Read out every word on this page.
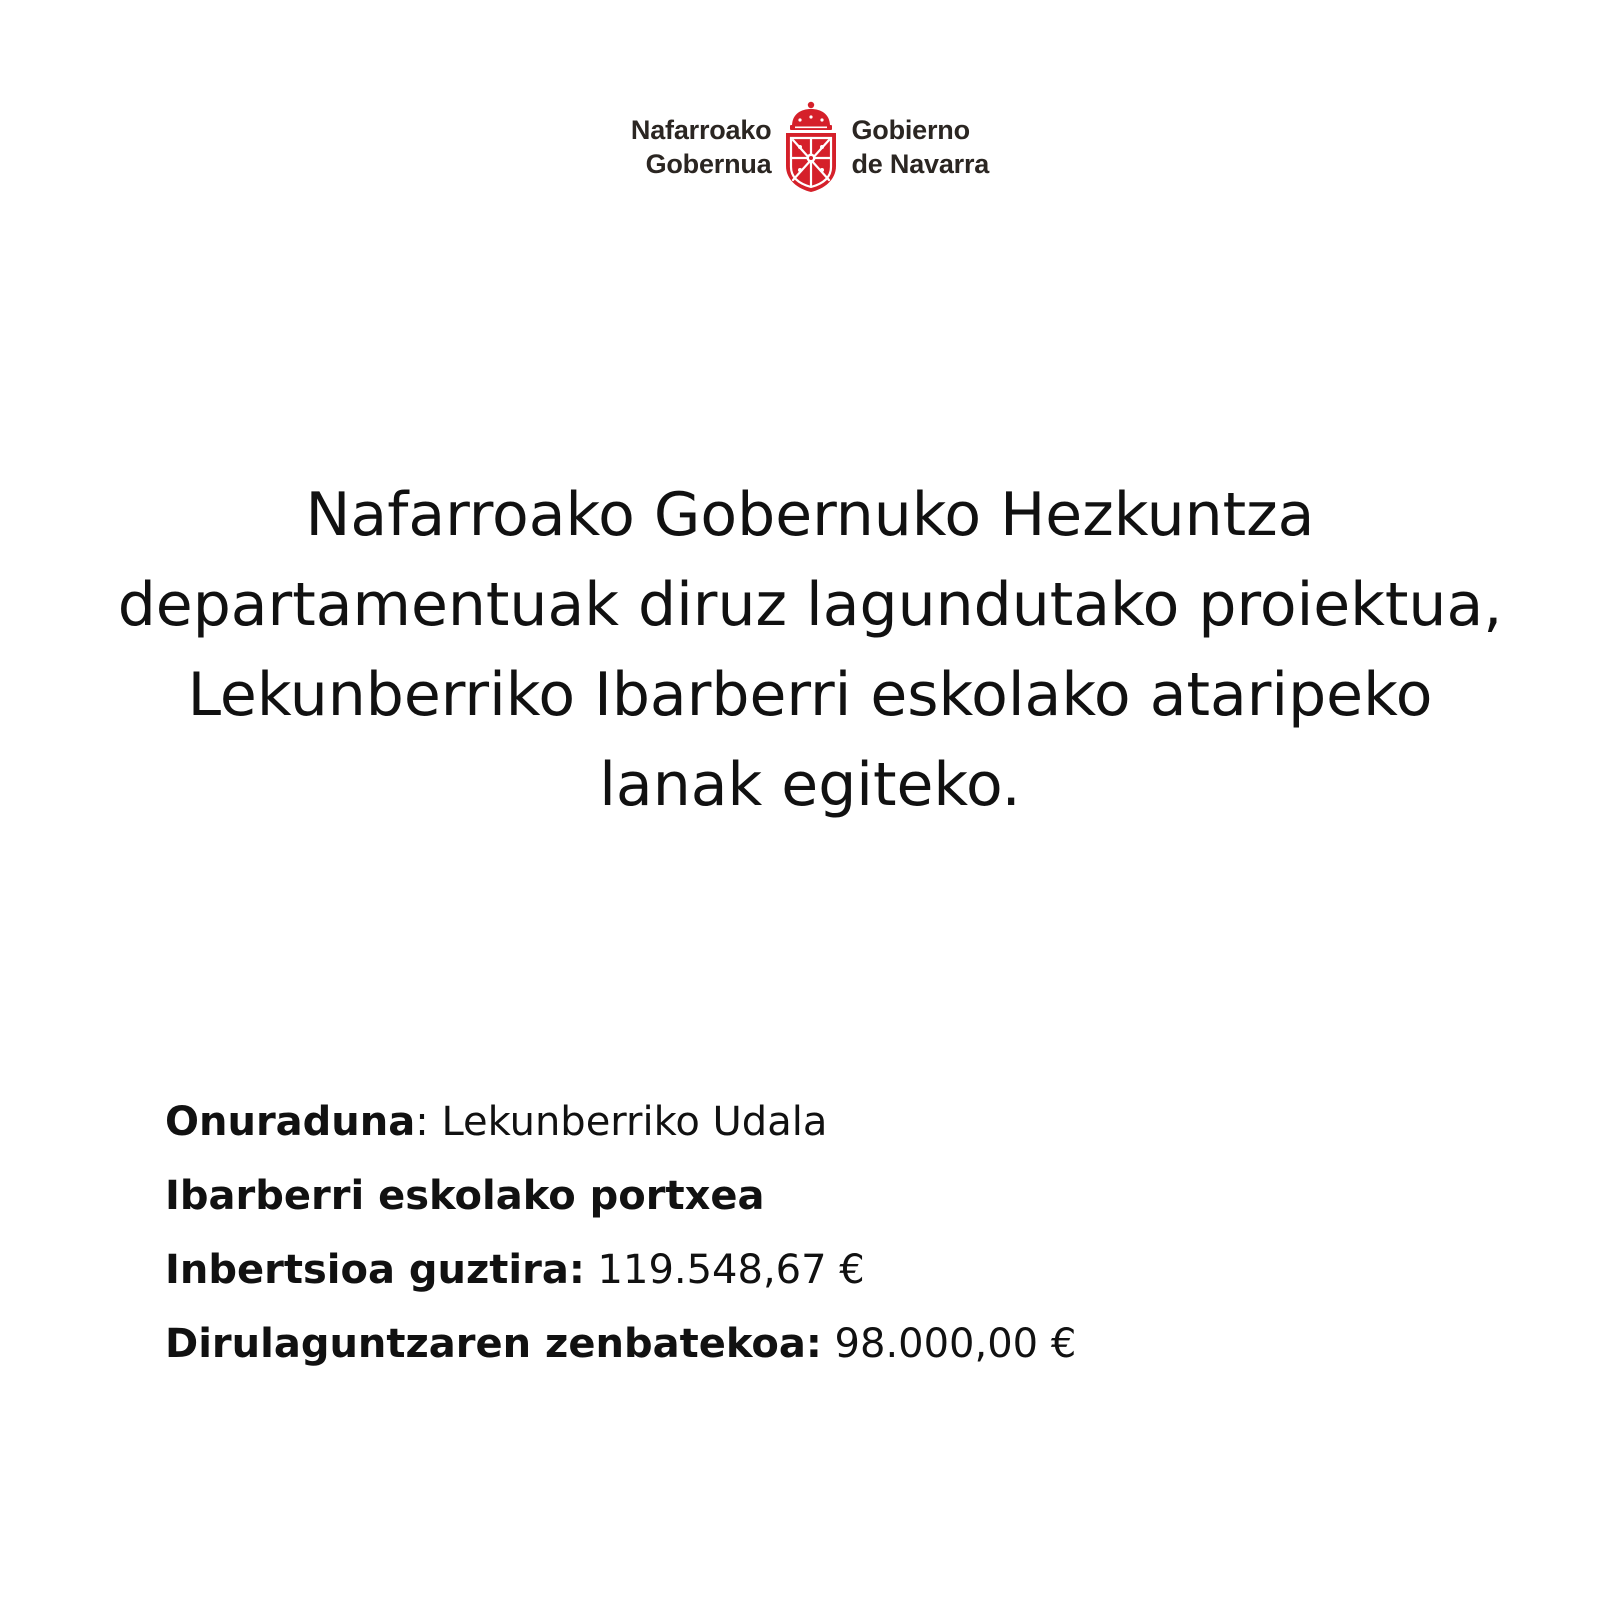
Nafarroako
Gobernua
Gobierno
de Navarra
Nafarroako Gobernuko Hezkuntza departamentuak diruz lagundutako proiektua, Lekunberriko Ibarberri eskolako ataripeko lanak egiteko.
Onuraduna: Lekunberriko Udala
Ibarberri eskolako portxea
Inbertsioa guztira: 119.548,67 €
Dirulaguntzaren zenbatekoa: 98.000,00 €
